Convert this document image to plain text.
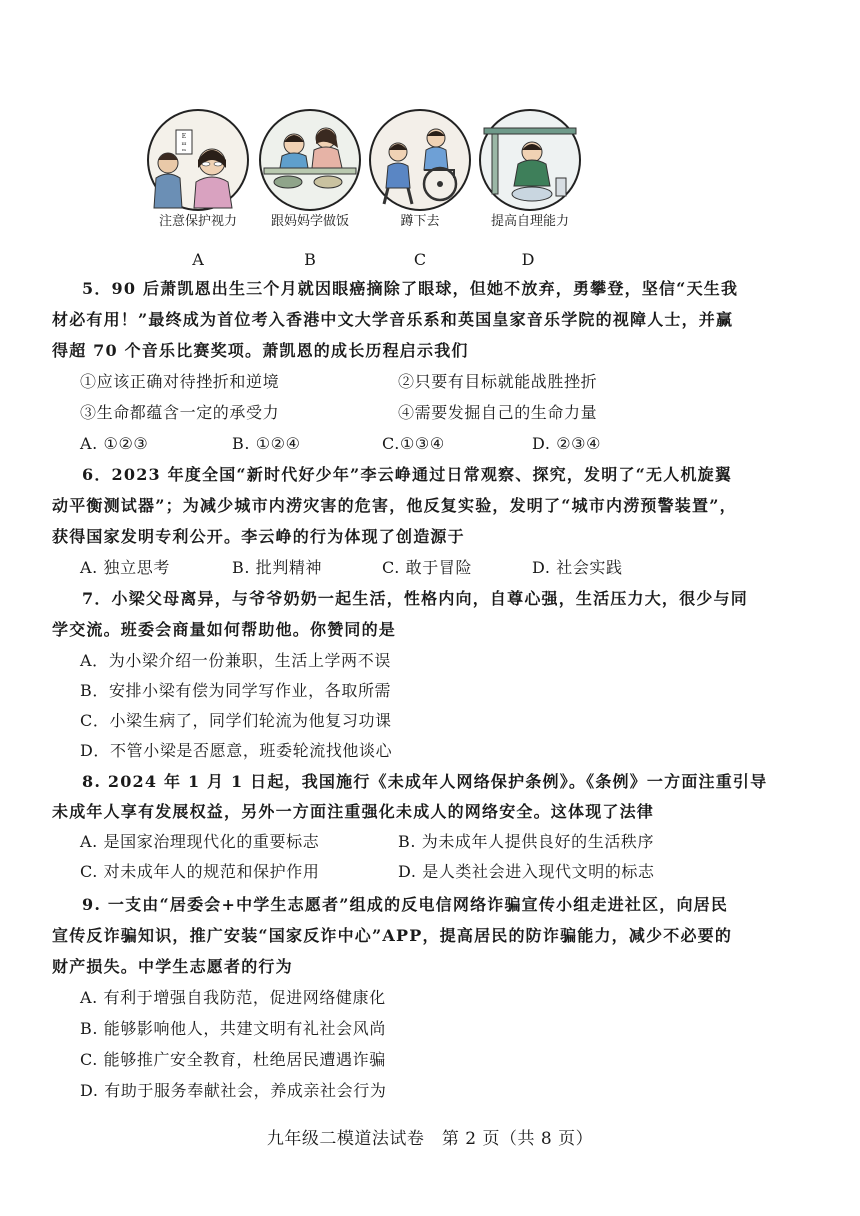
E
ш
m
注意保护视力	跟妈妈学做饭	蹲下去	提高自理能力
A	B	C	D
5．90 后萧凯恩出生三个月就因眼癌摘除了眼球，但她不放弃，勇攀登，坚信“天生我
材必有用！”最终成为首位考入香港中文大学音乐系和英国皇家音乐学院的视障人士，并赢
得超 70 个音乐比赛奖项。萧凯恩的成长历程启示我们
①应该正确对待挫折和逆境	②只要有目标就能战胜挫折
③生命都蕴含一定的承受力	④需要发掘自己的生命力量
A. ①②③	B. ①②④	C.①③④	D. ②③④
6．2023 年度全国“新时代好少年”李云峥通过日常观察、探究，发明了“无人机旋翼
动平衡测试器”；为减少城市内涝灾害的危害，他反复实验，发明了“城市内涝预警装置”，
获得国家发明专利公开。李云峥的行为体现了创造源于
A. 独立思考	B. 批判精神	C. 敢于冒险	D. 社会实践
7．小梁父母离异，与爷爷奶奶一起生活，性格内向，自尊心强，生活压力大，很少与同
学交流。班委会商量如何帮助他。你赞同的是
A．为小梁介绍一份兼职，生活上学两不误
B．安排小梁有偿为同学写作业，各取所需
C．小梁生病了，同学们轮流为他复习功课
D．不管小梁是否愿意，班委轮流找他谈心
8. 2024 年 1 月 1 日起，我国施行《未成年人网络保护条例》。《条例》一方面注重引导
未成年人享有发展权益，另外一方面注重强化未成人的网络安全。这体现了法律
A. 是国家治理现代化的重要标志	B. 为未成年人提供良好的生活秩序
C. 对未成年人的规范和保护作用	D. 是人类社会进入现代文明的标志
9. 一支由“居委会+中学生志愿者”组成的反电信网络诈骗宣传小组走进社区，向居民
宣传反诈骗知识，推广安装“国家反诈中心”APP，提高居民的防诈骗能力，减少不必要的
财产损失。中学生志愿者的行为
A. 有利于增强自我防范，促进网络健康化
B. 能够影响他人，共建文明有礼社会风尚
C. 能够推广安全教育，杜绝居民遭遇诈骗
D. 有助于服务奉献社会，养成亲社会行为
九年级二模道法试卷　第 2 页（共 8 页）
